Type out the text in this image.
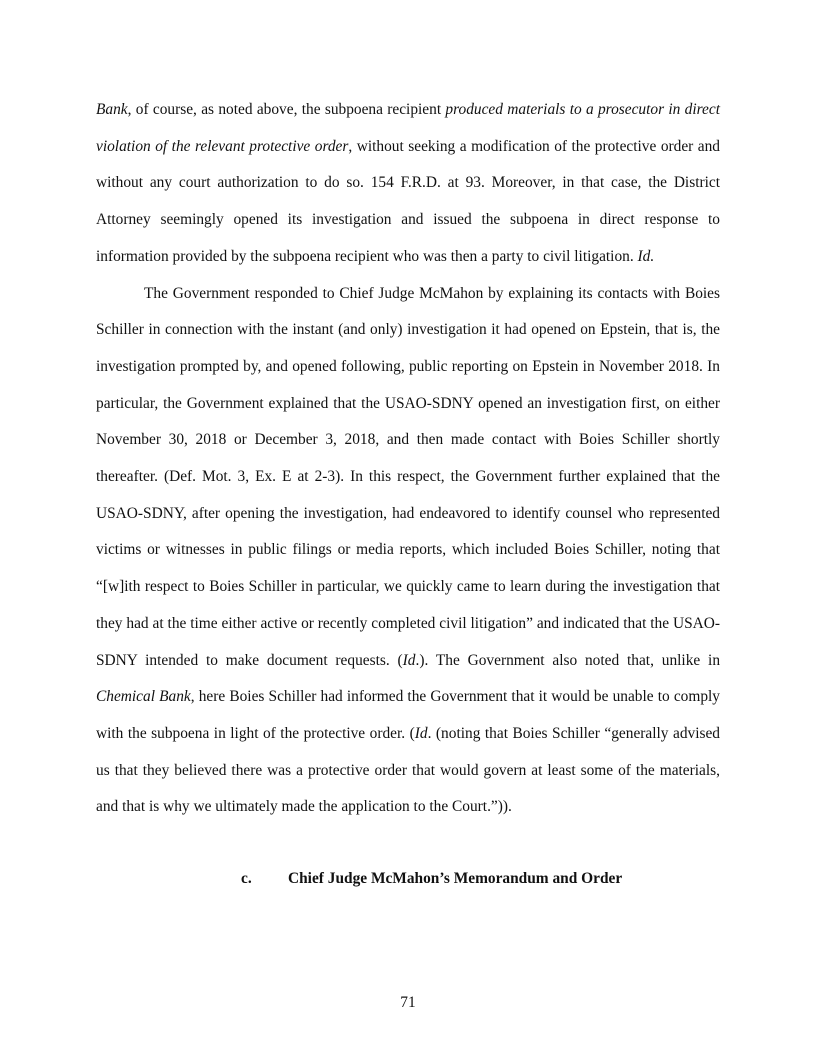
Bank, of course, as noted above, the subpoena recipient produced materials to a prosecutor in direct violation of the relevant protective order, without seeking a modification of the protective order and without any court authorization to do so. 154 F.R.D. at 93. Moreover, in that case, the District Attorney seemingly opened its investigation and issued the subpoena in direct response to information provided by the subpoena recipient who was then a party to civil litigation. Id.

The Government responded to Chief Judge McMahon by explaining its contacts with Boies Schiller in connection with the instant (and only) investigation it had opened on Epstein, that is, the investigation prompted by, and opened following, public reporting on Epstein in November 2018. In particular, the Government explained that the USAO-SDNY opened an investigation first, on either November 30, 2018 or December 3, 2018, and then made contact with Boies Schiller shortly thereafter. (Def. Mot. 3, Ex. E at 2-3). In this respect, the Government further explained that the USAO-SDNY, after opening the investigation, had endeavored to identify counsel who represented victims or witnesses in public filings or media reports, which included Boies Schiller, noting that “[w]ith respect to Boies Schiller in particular, we quickly came to learn during the investigation that they had at the time either active or recently completed civil litigation” and indicated that the USAO-SDNY intended to make document requests. (Id.). The Government also noted that, unlike in Chemical Bank, here Boies Schiller had informed the Government that it would be unable to comply with the subpoena in light of the protective order. (Id. (noting that Boies Schiller “generally advised us that they believed there was a protective order that would govern at least some of the materials, and that is why we ultimately made the application to the Court.”)).

c. Chief Judge McMahon’s Memorandum and Order
71
